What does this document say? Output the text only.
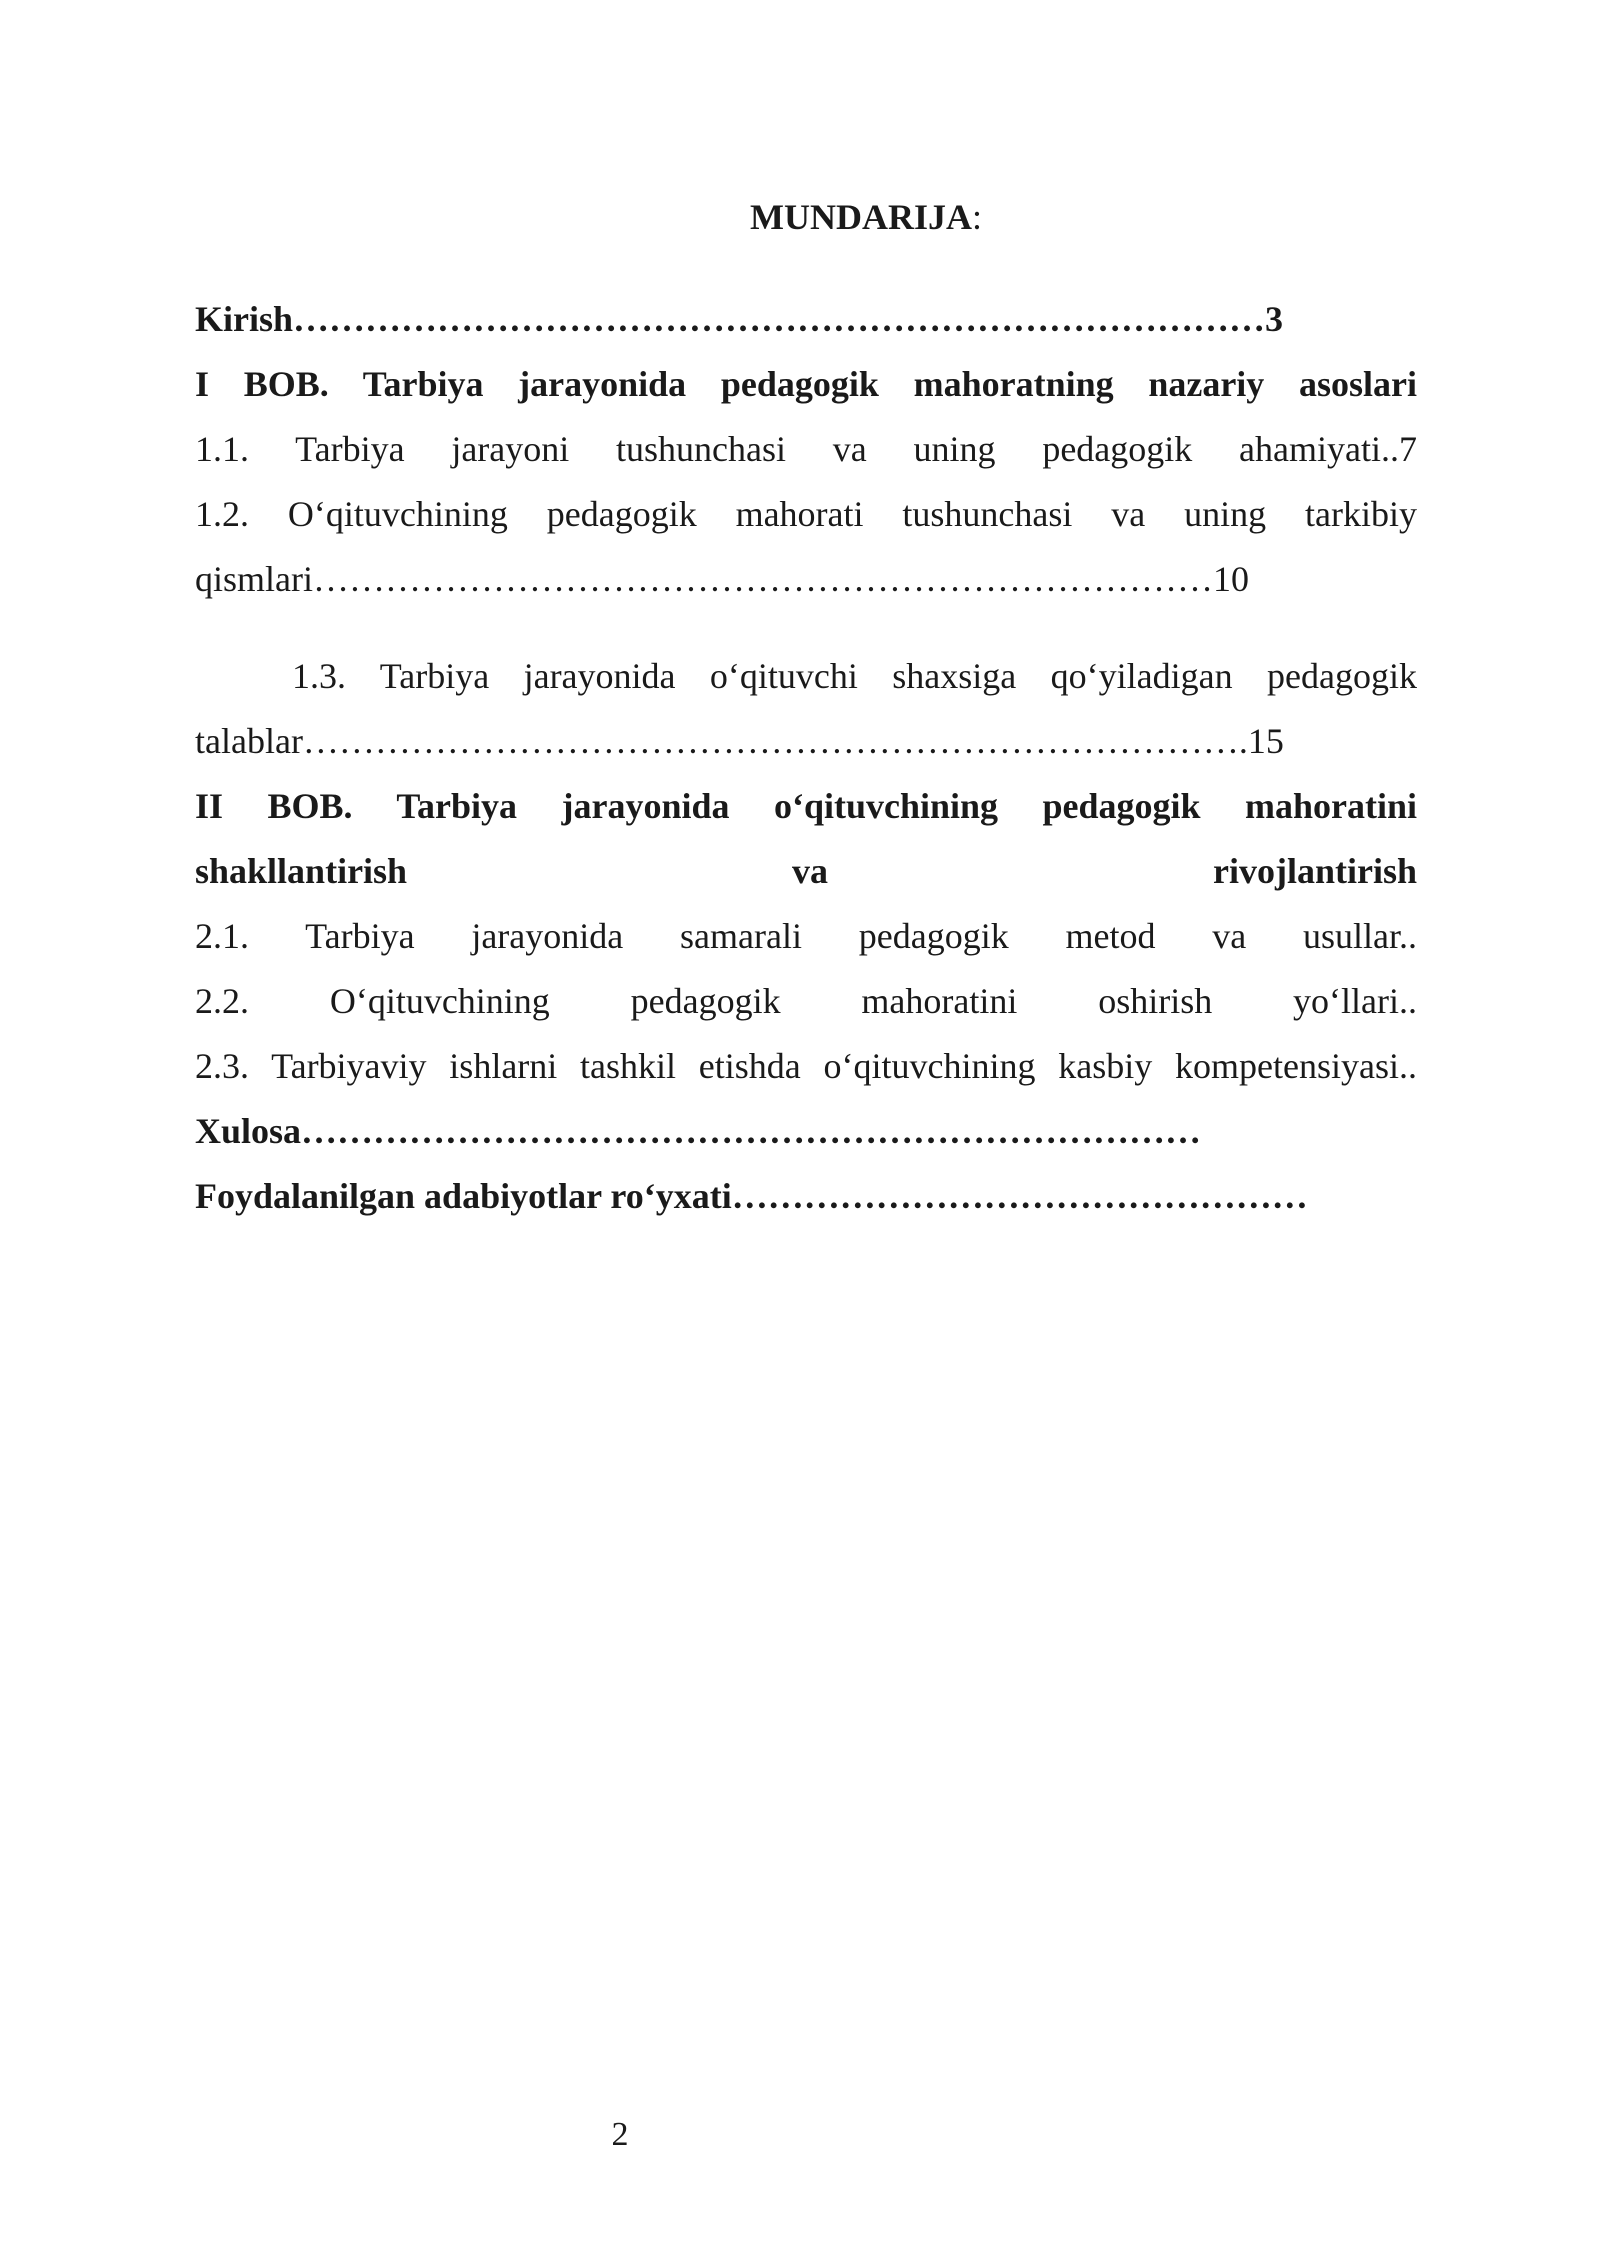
MUNDARIJA:
Kirish………………………………………………………………………3
I BOB. Tarbiya jarayonida pedagogik mahoratning nazariy asoslari
1.1. Tarbiya jarayoni tushunchasi va uning pedagogik ahamiyati..7
1.2. O‘qituvchining pedagogik mahorati tushunchasi va uning tarkibiy
qismlari…………………………………………………………………10
1.3. Tarbiya jarayonida o‘qituvchi shaxsiga qo‘yiladigan pedagogik
talablar…………………………………………………………………….15
II BOB. Tarbiya jarayonida o‘qituvchining pedagogik mahoratini
shakllantirish	va	rivojlantirish
2.1. Tarbiya jarayonida samarali pedagogik metod va usullar..
2.2. O‘qituvchining pedagogik mahoratini oshirish yo‘llari..
2.3. Tarbiyaviy ishlarni tashkil etishda o‘qituvchining kasbiy kompetensiyasi..
Xulosa…………………………………………………………………
Foydalanilgan adabiyotlar ro‘yxati…………………………………………
2
